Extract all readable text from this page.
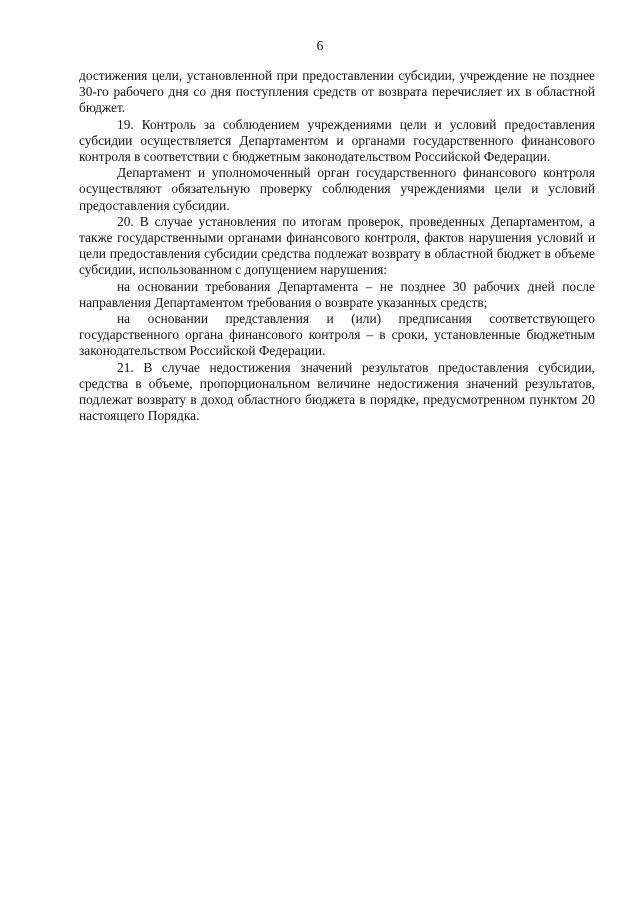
6

достижения цели, установленной при предоставлении субсидии, учреждение не позднее 30-го рабочего дня со дня поступления средств от возврата перечисляет их в областной бюджет.

19. Контроль за соблюдением учреждениями цели и условий предоставления субсидии осуществляется Департаментом и органами государственного финансового контроля в соответствии с бюджетным законодательством Российской Федерации.

Департамент и уполномоченный орган государственного финансового контроля осуществляют обязательную проверку соблюдения учреждениями цели и условий предоставления субсидии.

20. В случае установления по итогам проверок, проведенных Департаментом, а также государственными органами финансового контроля, фактов нарушения условий и цели предоставления субсидии средства подлежат возврату в областной бюджет в объеме субсидии, использованном с допущением нарушения:

на основании требования Департамента – не позднее 30 рабочих дней после направления Департаментом требования о возврате указанных средств;

на основании представления и (или) предписания соответствующего государственного органа финансового контроля – в сроки, установленные бюджетным законодательством Российской Федерации.

21. В случае недостижения значений результатов предоставления субсидии, средства в объеме, пропорциональном величине недостижения значений результатов, подлежат возврату в доход областного бюджета в порядке, предусмотренном пунктом 20 настоящего Порядка.
